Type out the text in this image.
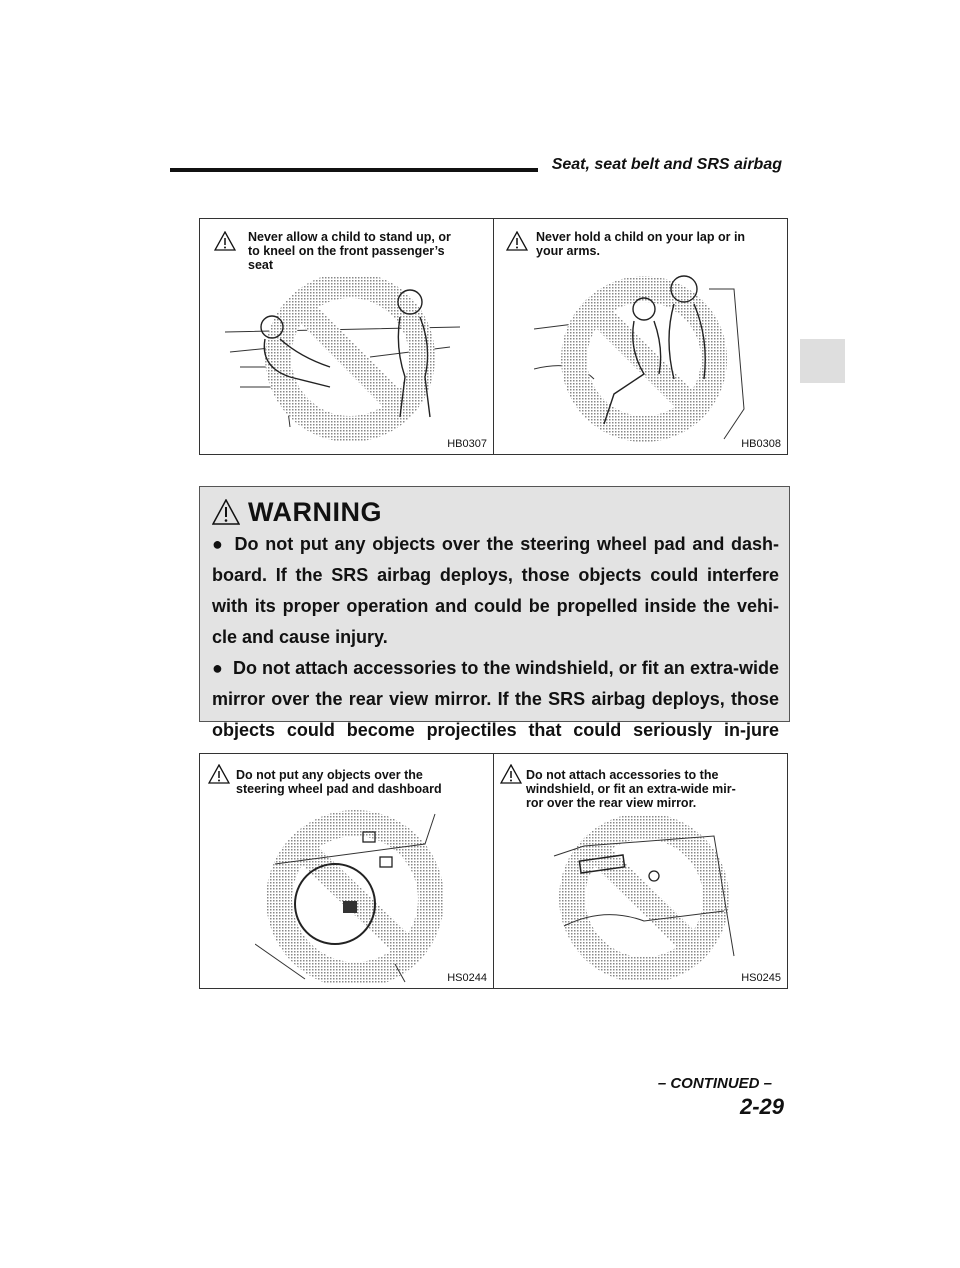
Seat, seat belt and SRS airbag
Never allow a child to stand up, or
to kneel on the front passenger’s
seat
HB0307
Never hold a child on your lap or in
your arms.
HB0308
WARNING

● Do not put any objects over the steering wheel pad and dash-board. If the SRS airbag deploys, those objects could interfere with its proper operation and could be propelled inside the vehi-cle and cause injury.

● Do not attach accessories to the windshield, or fit an extra-wide mirror over the rear view mirror. If the SRS airbag deploys, those objects could become projectiles that could seriously in-jure

Do not put any objects over the
steering wheel pad and dashboard
HS0244
Do not attach accessories to the
windshield, or fit an extra-wide mir-
ror over the rear view mirror.
HS0245
– CONTINUED –
2-29
